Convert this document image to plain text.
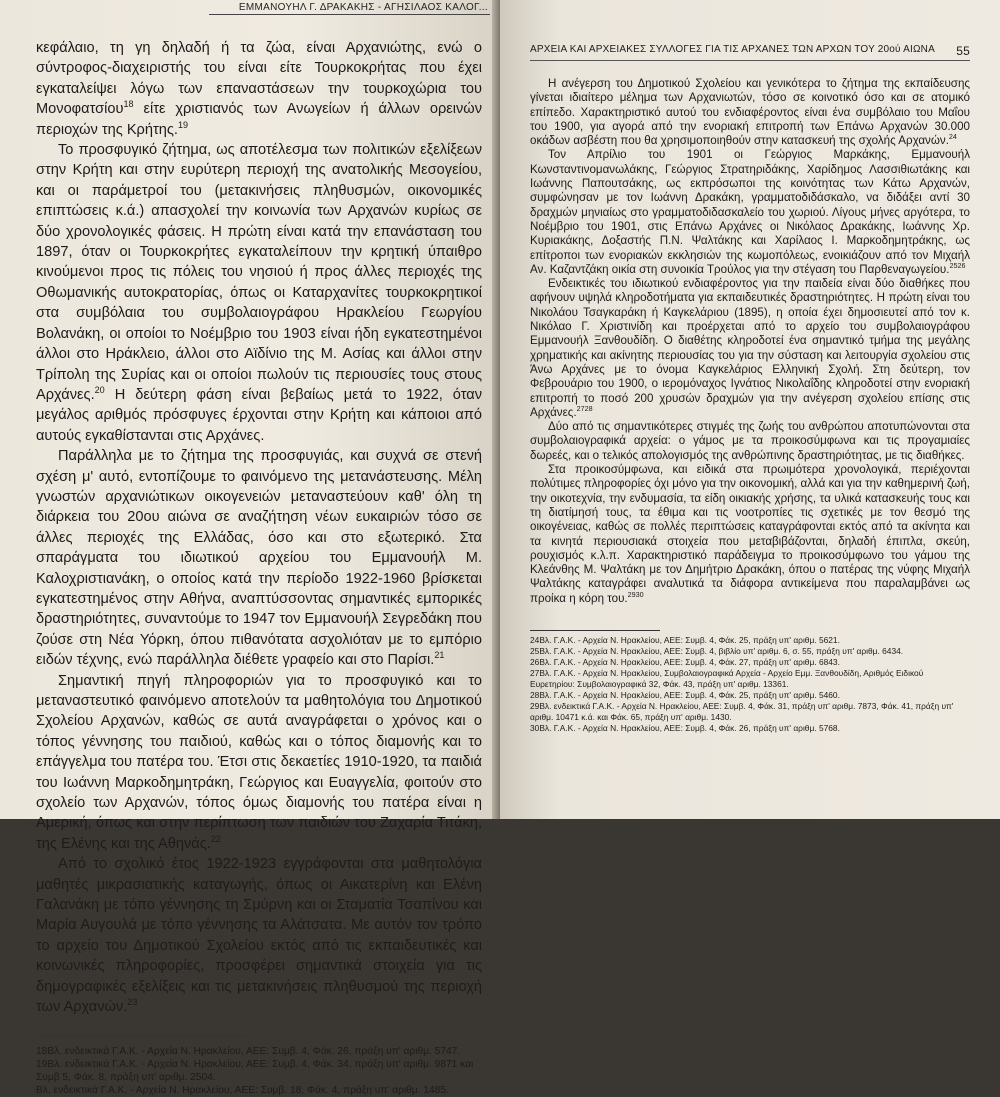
ΕΜΜΑΝΟΥΗΛ Γ. ΔΡΑΚΑΚΗΣ - ΑΓΗΣΙΛΑΟΣ ΚΑΛΟΓ...

κεφάλαιο, τη γη δηλαδή ή τα ζώα, είναι Αρχανιώτης, ενώ ο σύντροφος-διαχειριστής του είναι είτε Τουρκοκρήτας που έχει εγκαταλείψει λόγω των επαναστάσεων την τουρκοχώρια του Μονοφατσίου$^{18}$ είτε χριστιανός των Ανωγείων ή άλλων ορεινών περιοχών της Κρήτης.$^{19}$

Το προσφυγικό ζήτημα, ως αποτέλεσμα των πολιτικών εξελίξεων στην Κρήτη και στην ευρύτερη περιοχή της ανατολικής Μεσογείου, και οι παράμετροί του (μετακινήσεις πληθυσμών, οικονομικές επιπτώσεις κ.ά.) απασχολεί την κοινωνία των Αρχανών κυρίως σε δύο χρονολογικές φάσεις. Η πρώτη είναι κατά την επανάσταση του 1897, όταν οι Τουρκοκρήτες εγκαταλείπουν την κρητική ύπαιθρο κινούμενοι προς τις πόλεις του νησιού ή προς άλλες περιοχές της Οθωμανικής αυτοκρατορίας, όπως οι Καταρχανίτες τουρκοκρητικοί στα συμβόλαια του συμβολαιογράφου Ηρακλείου Γεωργίου Βολανάκη, οι οποίοι το Νοέμβριο του 1903 είναι ήδη εγκατεστημένοι άλλοι στο Ηράκλειο, άλλοι στο Αϊδίνιο της Μ. Ασίας και άλλοι στην Τρίπολη της Συρίας και οι οποίοι πωλούν τις περιουσίες τους στους Αρχάνες.$^{20}$ Η δεύτερη φάση είναι βεβαίως μετά το 1922, όταν μεγάλος αριθμός πρόσφυγες έρχονται στην Κρήτη και κάποιοι από αυτούς εγκαθίστανται στις Αρχάνες.

Παράλληλα με το ζήτημα της προσφυγιάς, και συχνά σε στενή σχέση μ' αυτό, εντοπίζουμε το φαινόμενο της μετανάστευσης. Μέλη γνωστών αρχανιώτικων οικογενειών μεταναστεύουν καθ' όλη τη διάρκεια του 20ου αιώνα σε αναζήτηση νέων ευκαιριών τόσο σε άλλες περιοχές της Ελλάδας, όσο και στο εξωτερικό. Στα σπαράγματα του ιδιωτικού αρχείου του Εμμανουήλ Μ. Καλοχριστιανάκη, ο οποίος κατά την περίοδο 1922-1960 βρίσκεται εγκατεστημένος στην Αθήνα, αναπτύσσοντας σημαντικές εμπορικές δραστηριότητες, συναντούμε το 1947 τον Εμμανουήλ Σεγρεδάκη που ζούσε στη Νέα Υόρκη, όπου πιθανότατα ασχολιόταν με το εμπόριο ειδών τέχνης, ενώ παράλληλα διέθετε γραφείο και στο Παρίσι.$^{21}$

Σημαντική πηγή πληροφοριών για το προσφυγικό και το μεταναστευτικό φαινόμενο αποτελούν τα μαθητολόγια του Δημοτικού Σχολείου Αρχανών, καθώς σε αυτά αναγράφεται ο χρόνος και ο τόπος γέννησης του παιδιού, καθώς και ο τόπος διαμονής και το επάγγελμα του πατέρα του. Έτσι στις δεκαετίες 1910-1920, τα παιδιά του Ιωάννη Μαρκοδημητράκη, Γεώργιος και Ευαγγελία, φοιτούν στο σχολείο των Αρχανών, τόπος όμως διαμονής του πατέρα είναι η Αμερική, όπως και στην περίπτωση των παιδιών του Ζαχαρία Τιτάκη, της Ελένης και της Αθηνάς.$^{22}$

Από το σχολικό έτος 1922-1923 εγγράφονται στα μαθητολόγια μαθητές μικρασιατικής καταγωγής, όπως οι Αικατερίνη και Ελένη Γαλανάκη με τόπο γέννησης τη Σμύρνη και οι Σταματία Τσαπίνου και Μαρία Αυγουλά με τόπο γέννησης τα Αλάτσατα. Με αυτόν τον τρόπο το αρχείο του Δημοτικού Σχολείου εκτός από τις εκπαιδευτικές και κοινωνικές πληροφορίες, προσφέρει σημαντικά στοιχεία για τις δημογραφικές εξελίξεις και τις μετακινήσεις πληθυσμού της περιοχή των Αρχανών.$^{23}$

18Βλ. ενδεικτικά Γ.Α.Κ. - Αρχεία Ν. Ηρακλείου, ΑΕΕ: Συμβ. 4, Φάκ. 26, πράξη υπ' αριθμ. 5747.

19Βλ. ενδεικτικά Γ.Α.Κ. - Αρχεία Ν. Ηρακλείου, ΑΕΕ: Συμβ. 4, Φάκ. 34, πράξη υπ' αριθμ. 9871 και Συμβ 5, Φάκ. 8, πράξη υπ' αριθμ. 2504.

Βλ. ενδεικτικά Γ.Α.Κ. - Αρχεία Ν. Ηρακλείου, ΑΕΕ: Συμβ. 18, Φάκ. 4, πράξη υπ' αριθμ. 1485.

ΑΡΧΕΙΑ ΚΑΙ ΑΡΧΕΙΑΚΕΣ ΣΥΛΛΟΓΕΣ ΓΙΑ ΤΙΣ ΑΡΧΑΝΕΣ ΤΩΝ ΑΡΧΩΝ ΤΟΥ 20ού ΑΙΩΝΑ 55

Η ανέγερση του Δημοτικού Σχολείου και γενικότερα το ζήτημα της εκπαίδευσης γίνεται ιδιαίτερο μέλημα των Αρχανιωτών, τόσο σε κοινοτικό όσο και σε ατομικό επίπεδο. Χαρακτηριστικό αυτού του ενδιαφέροντος είναι ένα συμβόλαιο του Μαΐου του 1900, για αγορά από την ενοριακή επιτροπή των Επάνω Αρχανών 30.000 οκάδων ασβέστη που θα χρησιμοποιηθούν στην κατασκευή της σχολής Αρχανών.$^{24}$

Τον Απρίλιο του 1901 οι Γεώργιος Μαρκάκης, Εμμανουήλ Κωνσταντινομανωλάκης, Γεώργιος Στρατηριδάκης, Χαρίδημος Λασσιθιωτάκης και Ιωάννης Παπουτσάκης, ως εκπρόσωποι της κοινότητας των Κάτω Αρχανών, συμφώνησαν με τον Ιωάννη Δρακάκη, γραμματοδιδάσκαλο, να διδάξει αντί 30 δραχμών μηνιαίως στο γραμματοδιδασκαλείο του χωριού. Λίγους μήνες αργότερα, το Νοέμβριο του 1901, στις Επάνω Αρχάνες οι Νικόλαος Δρακάκης, Ιωάννης Χρ. Κυριακάκης, Δοξαστής Π.Ν. Ψαλτάκης και Χαρίλαος Ι. Μαρκοδημητράκης, ως επίτροποι των ενοριακών εκκλησιών της κωμοπόλεως, ενοικιάζουν από τον Μιχαήλ Αν. Καζαντζάκη οικία στη συνοικία Τρούλος για την στέγαση του Παρθεναγωγείου.$^{2526}$

Ενδεικτικές του ιδιωτικού ενδιαφέροντος για την παιδεία είναι δύο διαθήκες που αφήνουν υψηλά κληροδοτήματα για εκπαιδευτικές δραστηριότητες. Η πρώτη είναι του Νικολάου Τσαγκαράκη ή Καγκελάριου (1895), η οποία έχει δημοσιευτεί από τον κ. Νικόλαο Γ. Χριστινίδη και προέρχεται από το αρχείο του συμβολαιογράφου Εμμανουήλ Ξανθουδίδη. Ο διαθέτης κληροδοτεί ένα σημαντικό τμήμα της μεγάλης χρηματικής και ακίνητης περιουσίας του για την σύσταση και λειτουργία σχολείου στις Άνω Αρχάνες με το όνομα Καγκελάριος Ελληνική Σχολή. Στη δεύτερη, τον Φεβρουάριο του 1900, ο ιερομόναχος Ιγνάτιος Νικολαΐδης κληροδοτεί στην ενοριακή επιτροπή το ποσό 200 χρυσών δραχμών για την ανέγερση σχολείου επίσης στις Αρχάνες.$^{2728}$

Δύο από τις σημαντικότερες στιγμές της ζωής του ανθρώπου αποτυπώνονται στα συμβολαιογραφικά αρχεία: ο γάμος με τα προικοσύμφωνα και τις προγαμιαίες δωρεές, και ο τελικός απολογισμός της ανθρώπινης δραστηριότητας, με τις διαθήκες.

Στα προικοσύμφωνα, και ειδικά στα πρωιμότερα χρονολογικά, περιέχονται πολύτιμες πληροφορίες όχι μόνο για την οικονομική, αλλά και για την καθημερινή ζωή, την οικοτεχνία, την ενδυμασία, τα είδη οικιακής χρήσης, τα υλικά κατασκευής τους και τη διατίμησή τους, τα έθιμα και τις νοοτροπίες τις σχετικές με τον θεσμό της οικογένειας, καθώς σε πολλές περιπτώσεις καταγράφονται εκτός από τα ακίνητα και τα κινητά περιουσιακά στοιχεία που μεταβιβάζονται, δηλαδή έπιπλα, σκεύη, ρουχισμός κ.λ.π. Χαρακτηριστικό παράδειγμα το προικοσύμφωνο του γάμου της Κλεάνθης Μ. Ψαλτάκη με τον Δημήτριο Δρακάκη, όπου ο πατέρας της νύφης Μιχαήλ Ψαλτάκης καταγράφει αναλυτικά τα διάφορα αντικείμενα που παραλαμβάνει ως προίκα η κόρη του.$^{2930}$

24Βλ. Γ.Α.Κ. - Αρχεία Ν. Ηρακλείου, ΑΕΕ: Συμβ. 4, Φάκ. 25, πράξη υπ' αριθμ. 5621.

25Βλ. Γ.Α.Κ. - Αρχεία Ν. Ηρακλείου, ΑΕΕ: Συμβ. 4, βιβλίο υπ' αριθμ. 6, σ. 55, πράξη υπ' αριθμ. 6434.

26Βλ. Γ.Α.Κ. - Αρχεία Ν. Ηρακλείου, ΑΕΕ: Συμβ. 4, Φάκ. 27, πράξη υπ' αριθμ. 6843.

27Βλ. Γ.Α.Κ. - Αρχεία Ν. Ηρακλείου, Συμβολαιογραφικά Αρχεία - Αρχείο Εμμ. Ξανθουδίδη, Αριθμός Ειδικού Ευρετηρίου: Συμβολαιογραφικά 32, Φάκ. 43, πράξη υπ' αριθμ. 13361.

28Βλ. Γ.Α.Κ. - Αρχεία Ν. Ηρακλείου, ΑΕΕ: Συμβ. 4, Φάκ. 25, πράξη υπ' αριθμ. 5460.

29Βλ. ενδεικτικά Γ.Α.Κ. - Αρχεία Ν. Ηρακλείου, ΑΕΕ: Συμβ. 4, Φάκ. 31, πράξη υπ' αριθμ. 7873, Φάκ. 41, πράξη υπ' αριθμ. 10471 κ.ά. και Φάκ. 65, πράξη υπ' αριθμ. 1430.

30Βλ. Γ.Α.Κ. - Αρχεία Ν. Ηρακλείου, ΑΕΕ: Συμβ. 4, Φάκ. 26, πράξη υπ' αριθμ. 5768.
